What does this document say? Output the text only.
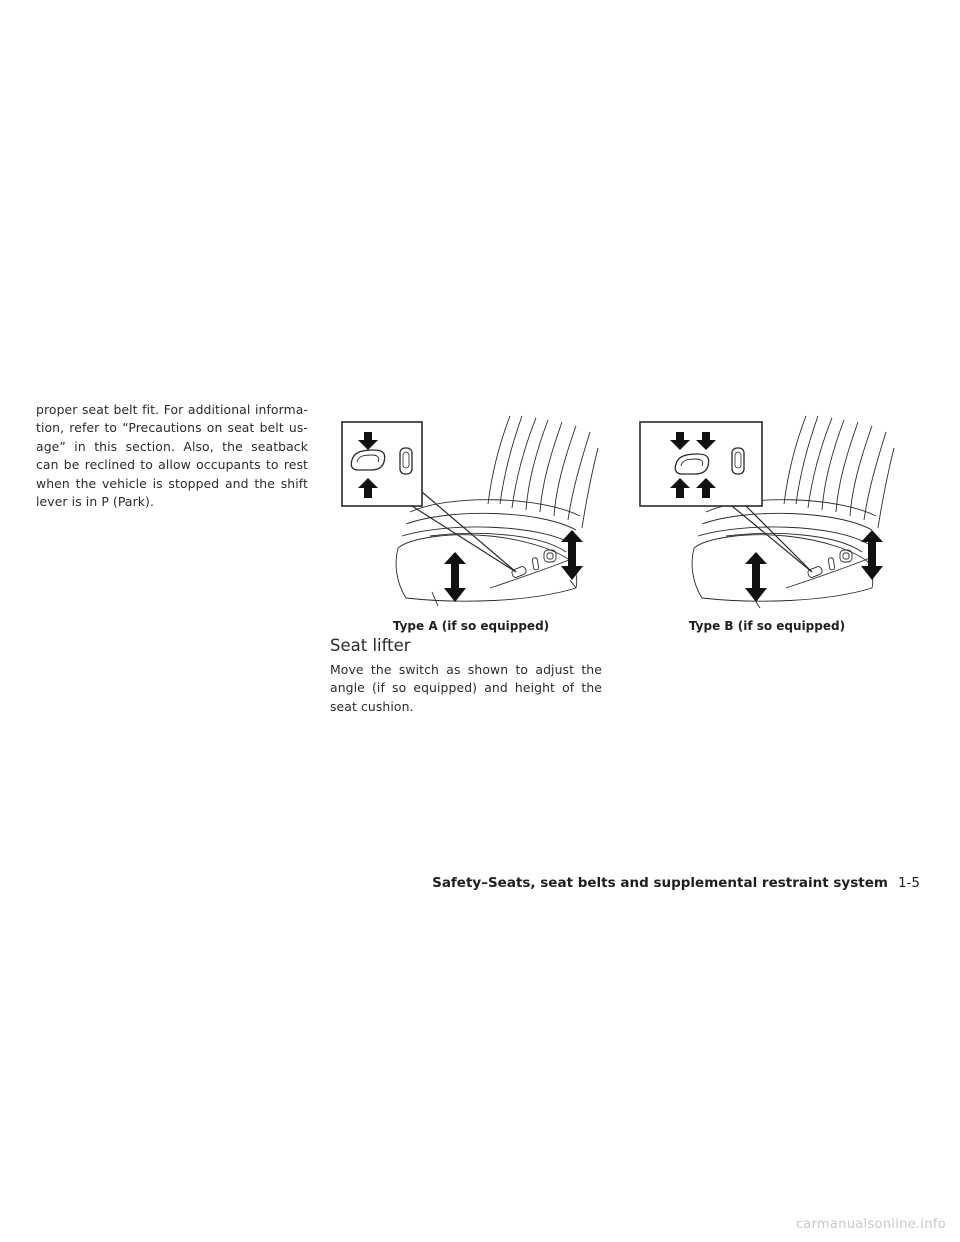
proper seat belt fit. For additional informa-tion, refer to “Precautions on seat belt us-age” in this section. Also, the seatback can be reclined to allow occupants to rest when the vehicle is stopped and the shift lever is in P (Park).

Type A (if so equipped)	Type B (if so equipped)
Seat lifter

Move the switch as shown to adjust the angle (if so equipped) and height of the seat cushion.

Safety–Seats, seat belts and supplemental restraint system 1-5
carmanualsonline.info
